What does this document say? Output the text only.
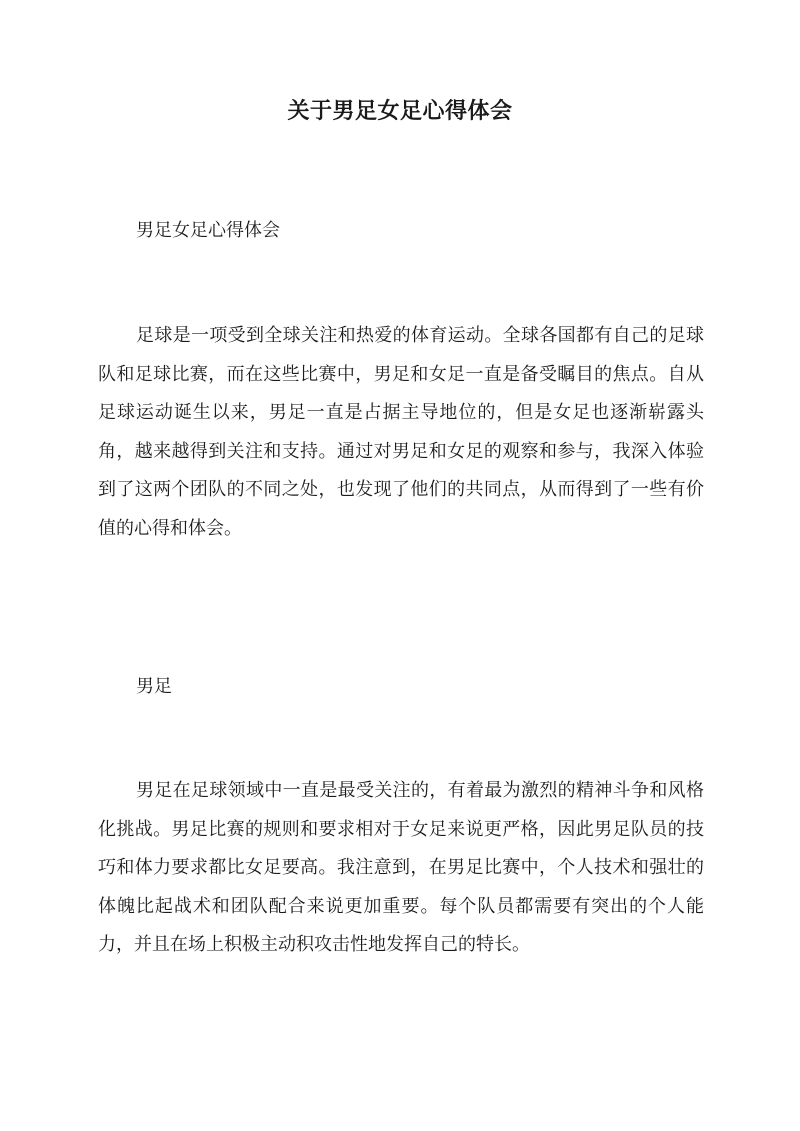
关于男足女足心得体会

男足女足心得体会

足球是一项受到全球关注和热爱的体育运动。全球各国都有自己的足球队和足球比赛，而在这些比赛中，男足和女足一直是备受瞩目的焦点。自从足球运动诞生以来，男足一直是占据主导地位的，但是女足也逐渐崭露头角，越来越得到关注和支持。通过对男足和女足的观察和参与，我深入体验到了这两个团队的不同之处，也发现了他们的共同点，从而得到了一些有价值的心得和体会。

男足

男足在足球领域中一直是最受关注的，有着最为激烈的精神斗争和风格化挑战。男足比赛的规则和要求相对于女足来说更严格，因此男足队员的技巧和体力要求都比女足要高。我注意到，在男足比赛中，个人技术和强壮的体魄比起战术和团队配合来说更加重要。每个队员都需要有突出的个人能力，并且在场上积极主动积攻击性地发挥自己的特长。
